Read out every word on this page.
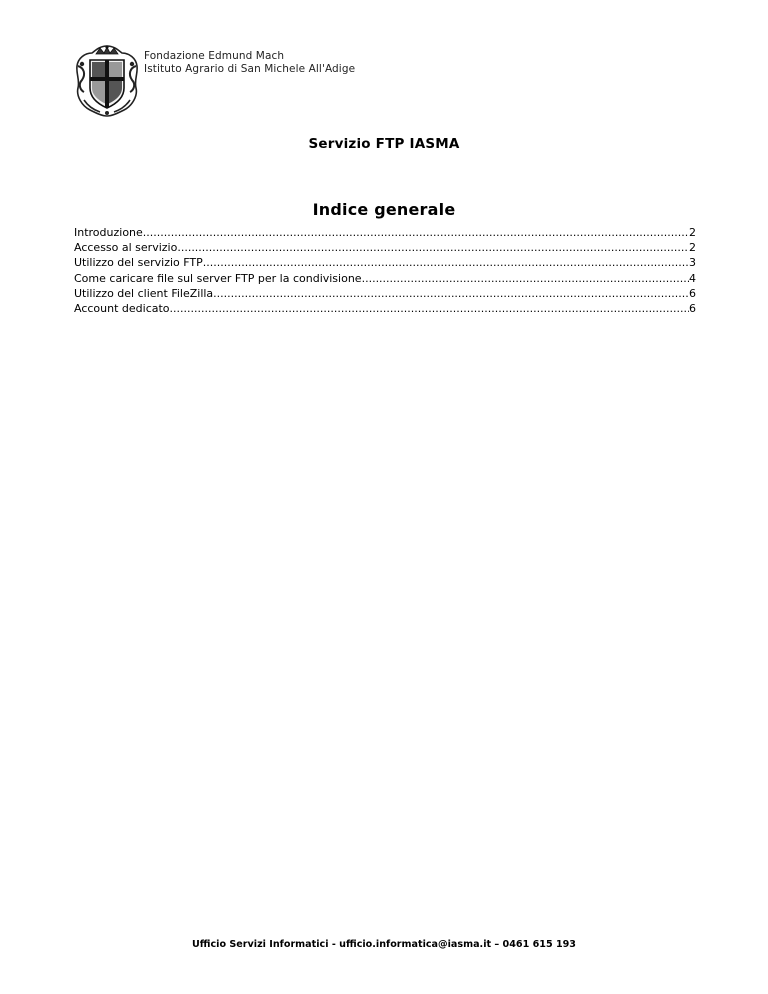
Fondazione Edmund Mach
Istituto Agrario di San Michele All'Adige
Servizio FTP IASMA
Indice generale
Introduzione .....	2
Accesso al servizio .....	2
Utilizzo del servizio FTP .....	3
Come caricare file sul server FTP per la condivisione .....	4
Utilizzo del client FileZilla .....	6
Account dedicato .....	6
Ufficio Servizi Informatici - ufficio.informatica@iasma.it – 0461 615 193
